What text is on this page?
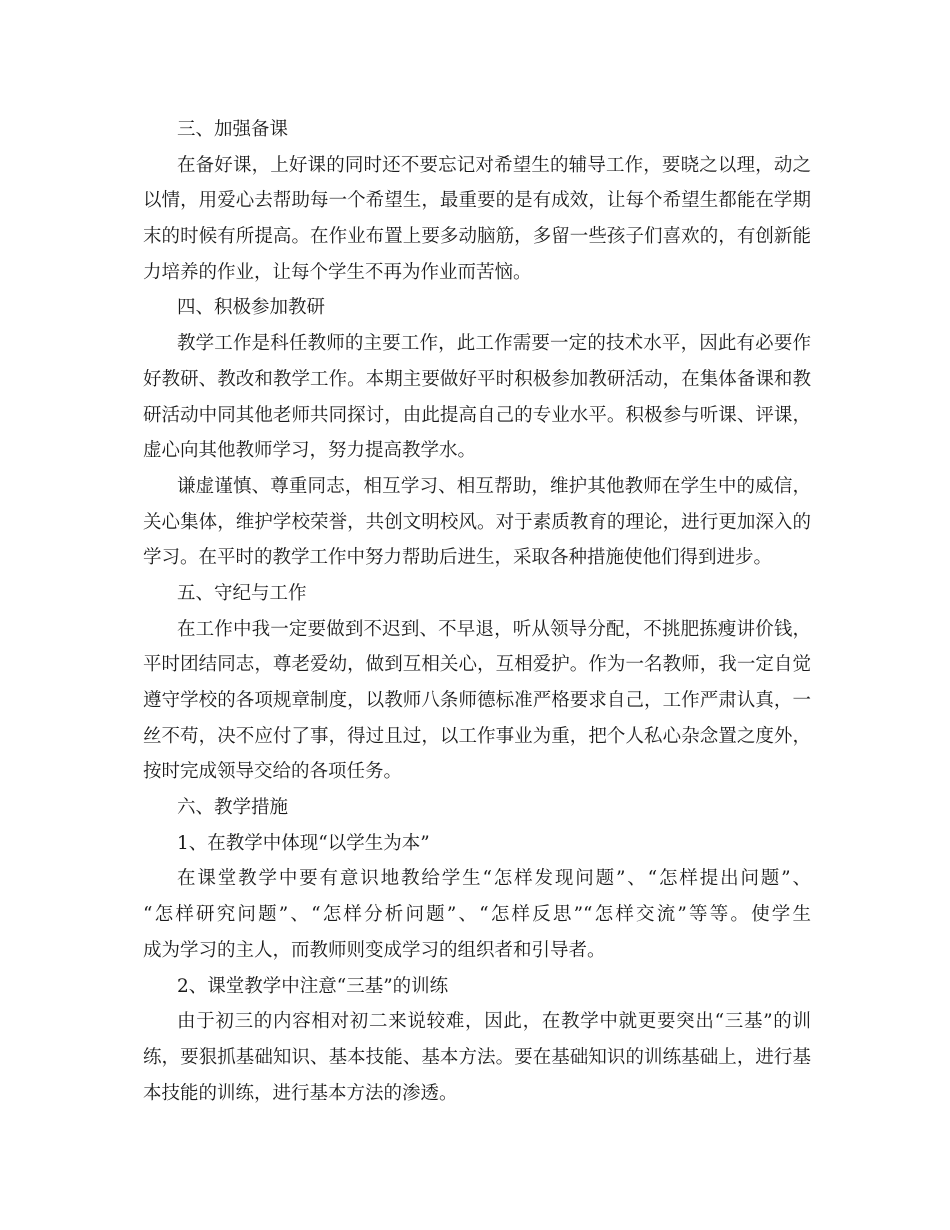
三、加强备课
在备好课，上好课的同时还不要忘记对希望生的辅导工作，要晓之以理，动之
以情，用爱心去帮助每一个希望生，最重要的是有成效，让每个希望生都能在学期
末的时候有所提高。在作业布置上要多动脑筋，多留一些孩子们喜欢的，有创新能
力培养的作业，让每个学生不再为作业而苦恼。
四、积极参加教研
教学工作是科任教师的主要工作，此工作需要一定的技术水平，因此有必要作
好教研、教改和教学工作。本期主要做好平时积极参加教研活动，在集体备课和教
研活动中同其他老师共同探讨，由此提高自己的专业水平。积极参与听课、评课，
虚心向其他教师学习，努力提高教学水。
谦虚谨慎、尊重同志，相互学习、相互帮助，维护其他教师在学生中的威信，
关心集体，维护学校荣誉，共创文明校风。对于素质教育的理论，进行更加深入的
学习。在平时的教学工作中努力帮助后进生，采取各种措施使他们得到进步。
五、守纪与工作
在工作中我一定要做到不迟到、不早退，听从领导分配，不挑肥拣瘦讲价钱，
平时团结同志，尊老爱幼，做到互相关心，互相爱护。作为一名教师，我一定自觉
遵守学校的各项规章制度，以教师八条师德标准严格要求自己，工作严肃认真，一
丝不苟，决不应付了事，得过且过，以工作事业为重，把个人私心杂念置之度外，
按时完成领导交给的各项任务。
六、教学措施
1、在教学中体现“以学生为本”
在课堂教学中要有意识地教给学生“怎样发现问题”、“怎样提出问题”、
“怎样研究问题”、“怎样分析问题”、“怎样反思”“怎样交流”等等。使学生
成为学习的主人，而教师则变成学习的组织者和引导者。
2、课堂教学中注意“三基”的训练
由于初三的内容相对初二来说较难，因此，在教学中就更要突出“三基”的训
练，要狠抓基础知识、基本技能、基本方法。要在基础知识的训练基础上，进行基
本技能的训练，进行基本方法的渗透。
